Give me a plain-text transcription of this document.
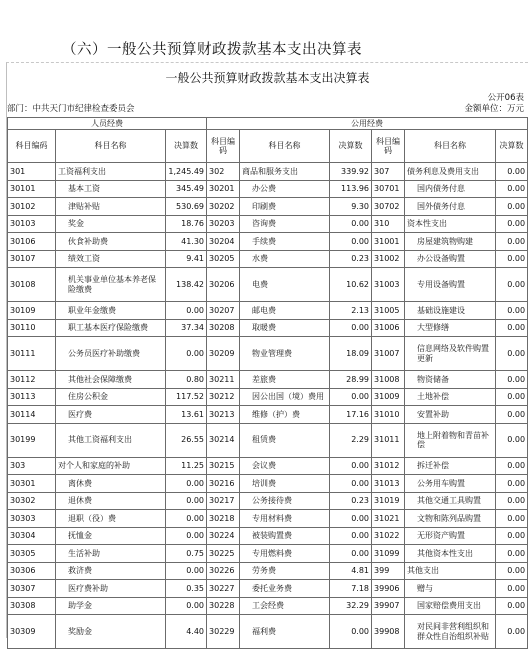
（六）一般公共预算财政拨款基本支出决算表
一般公共预算财政拨款基本支出决算表
公开06表
部门：中共天门市纪律检查委员会	金额单位：万元
人员经费			公用经费					
科目编码	科目名称	决算数	科目编码	科目名称	决算数	科目编码	科目名称	决算数
301	工资福利支出	1,245.49	302	商品和服务支出	339.92	307	债务利息及费用支出	0.00
30101	基本工资	345.49	30201	办公费	113.96	30701	国内债务付息	0.00
30102	津贴补贴	530.69	30202	印刷费	9.30	30702	国外债务付息	0.00
30103	奖金	18.76	30203	咨询费	0.00	310	资本性支出	0.00
30106	伙食补助费	41.30	30204	手续费	0.00	31001	房屋建筑物购建	0.00
30107	绩效工资	9.41	30205	水费	0.23	31002	办公设备购置	0.00
30108	机关事业单位基本养老保险缴费	138.42	30206	电费	10.62	31003	专用设备购置	0.00
30109	职业年金缴费	0.00	30207	邮电费	2.13	31005	基础设施建设	0.00
30110	职工基本医疗保险缴费	37.34	30208	取暖费	0.00	31006	大型修缮	0.00
30111	公务员医疗补助缴费	0.00	30209	物业管理费	18.09	31007	信息网络及软件购置更新	0.00
30112	其他社会保障缴费	0.80	30211	差旅费	28.99	31008	物资储备	0.00
30113	住房公积金	117.52	30212	因公出国（境）费用	0.00	31009	土地补偿	0.00
30114	医疗费	13.61	30213	维修（护）费	17.16	31010	安置补助	0.00
30199	其他工资福利支出	26.55	30214	租赁费	2.29	31011	地上附着物和青苗补偿	0.00
303	对个人和家庭的补助	11.25	30215	会议费	0.00	31012	拆迁补偿	0.00
30301	离休费	0.00	30216	培训费	0.00	31013	公务用车购置	0.00
30302	退休费	0.00	30217	公务接待费	0.23	31019	其他交通工具购置	0.00
30303	退职（役）费	0.00	30218	专用材料费	0.00	31021	文物和陈列品购置	0.00
30304	抚恤金	0.00	30224	被装购置费	0.00	31022	无形资产购置	0.00
30305	生活补助	0.75	30225	专用燃料费	0.00	31099	其他资本性支出	0.00
30306	救济费	0.00	30226	劳务费	4.81	399	其他支出	0.00
30307	医疗费补助	0.35	30227	委托业务费	7.18	39906	赠与	0.00
30308	助学金	0.00	30228	工会经费	32.29	39907	国家赔偿费用支出	0.00
30309	奖励金	4.40	30229	福利费	0.00	39908	对民间非营利组织和群众性自治组织补贴	0.00
